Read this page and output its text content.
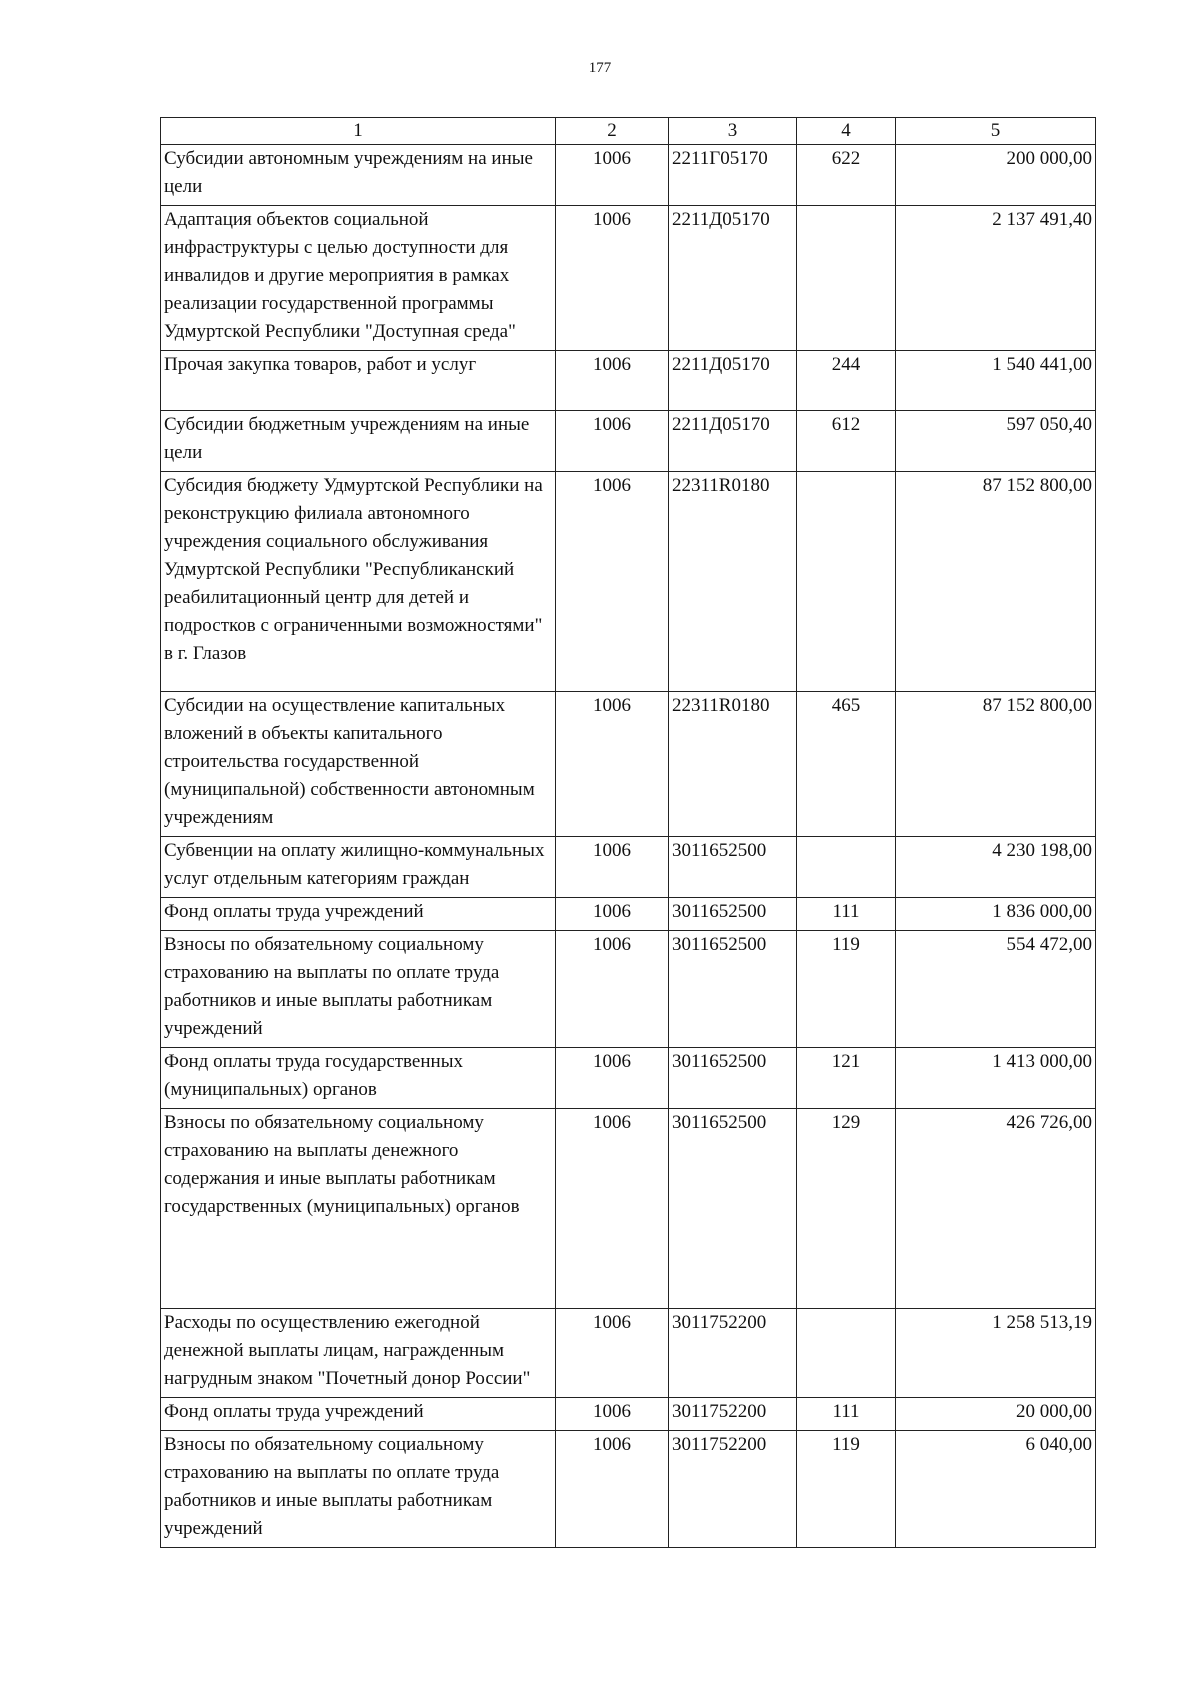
177
1	2	3	4	5
Субсидии автономным учреждениям на иные цели	1006	2211Г05170	622	200 000,00
Адаптация объектов социальной инфраструктуры с целью доступности для инвалидов и другие мероприятия в рамках реализации государственной программы Удмуртской Республики "Доступная среда"	1006	2211Д05170		2 137 491,40
Прочая закупка товаров, работ и услуг	1006	2211Д05170	244	1 540 441,00
Субсидии бюджетным учреждениям на иные цели	1006	2211Д05170	612	597 050,40
Субсидия бюджету Удмуртской Республики на реконструкцию филиала автономного учреждения социального обслуживания Удмуртской Республики "Республиканский реабилитационный центр для детей и подростков с ограниченными возможностями" в г. Глазов	1006	22311R0180		87 152 800,00
Субсидии на осуществление капитальных вложений в объекты капитального строительства государственной (муниципальной) собственности автономным учреждениям	1006	22311R0180	465	87 152 800,00
Субвенции на оплату жилищно-коммунальных услуг отдельным категориям граждан	1006	3011652500		4 230 198,00
Фонд оплаты труда учреждений	1006	3011652500	111	1 836 000,00
Взносы по обязательному социальному страхованию на выплаты по оплате труда работников и иные выплаты работникам учреждений	1006	3011652500	119	554 472,00
Фонд оплаты труда государственных (муниципальных) органов	1006	3011652500	121	1 413 000,00
Взносы по обязательному социальному страхованию на выплаты денежного содержания и иные выплаты работникам государственных (муниципальных) органов	1006	3011652500	129	426 726,00
Расходы по осуществлению ежегодной денежной выплаты лицам, награжденным нагрудным знаком "Почетный донор России"	1006	3011752200		1 258 513,19
Фонд оплаты труда учреждений	1006	3011752200	111	20 000,00
Взносы по обязательному социальному страхованию на выплаты по оплате труда работников и иные выплаты работникам учреждений	1006	3011752200	119	6 040,00
